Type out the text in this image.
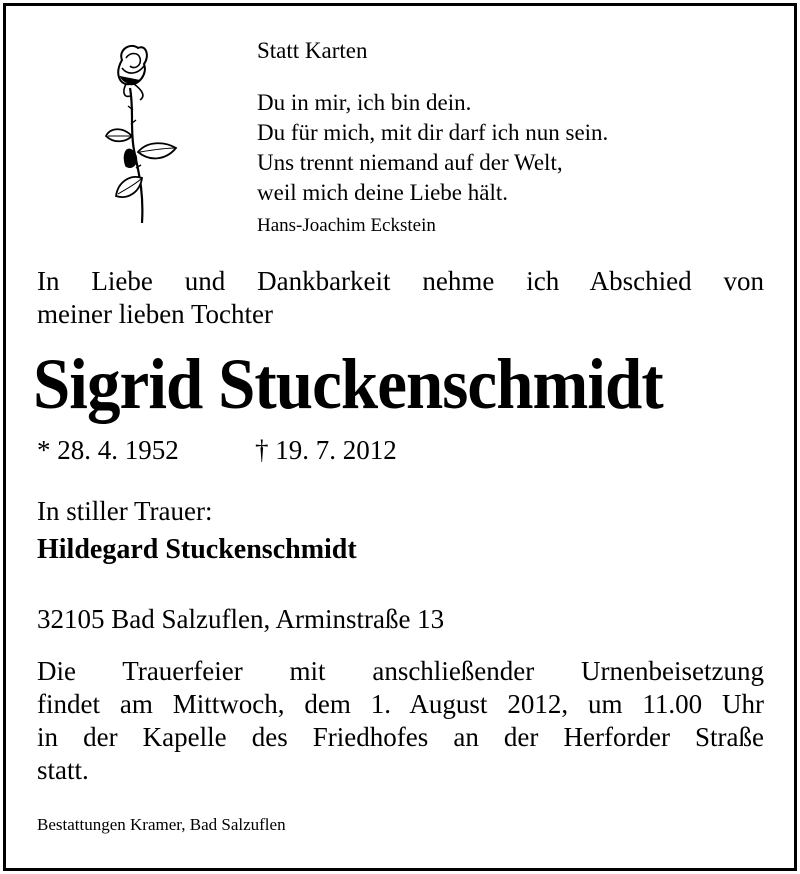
Statt Karten
Du in mir, ich bin dein.
Du für mich, mit dir darf ich nun sein.
Uns trennt niemand auf der Welt,
weil mich deine Liebe hält.
Hans-Joachim Eckstein
In Liebe und Dankbarkeit nehme ich Abschied von
meiner lieben Tochter
Sigrid Stuckenschmidt
* 28. 4. 1952	† 19. 7. 2012
In stiller Trauer:
Hildegard Stuckenschmidt
32105 Bad Salzuflen, Arminstraße 13
Die Trauerfeier mit anschließender Urnenbeisetzung
findet am Mittwoch, dem 1. August 2012, um 11.00 Uhr
in der Kapelle des Friedhofes an der Herforder Straße
statt.
Bestattungen Kramer, Bad Salzuflen
